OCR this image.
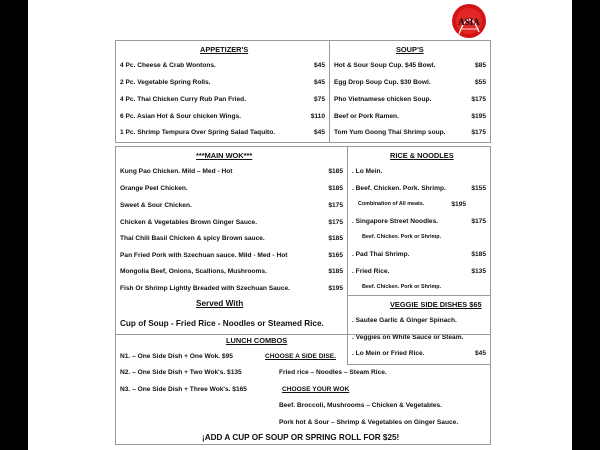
ASIA
APPETIZER'S
4 Pc. Cheese & Crab Wontons.	$45
2 Pc. Vegetable Spring Rolls.	$45
4 Pc. Thai Chicken Curry Rub Pan Fried.	$75
6 Pc. Asian Hot & Sour chicken Wings.	$110
1 Pc. Shrimp Tempura Over Spring Salad Taquito.	$45
SOUP'S
Hot & Sour Soup Cup. $45 Bowl.	$85
Egg Drop Soup Cup. $30 Bowl.	$55
Pho Vietnamese chicken Soup.	$175
Beef or Pork Ramen.	$195
Tom Yum Goong Thai Shrimp soup.	$175
***MAIN WOK***
Kung Pao Chicken. Mild – Med - Hot	$185
Orange Peel Chicken.	$185
Sweet & Sour Chicken.	$175
Chicken & Vegetables Brown Ginger Sauce.	$175
Thai Chili Basil Chicken & spicy Brown sauce.	$185
Pan Fried Pork with Szechuan sauce. Mild - Med - Hot	$165
Mongolia Beef, Onions, Scallions, Mushrooms.	$185
Fish Or Shrimp Lightly Breaded with Szechuan Sauce.	$195
Served With
Cup of Soup - Fried Rice - Noodles or Steamed Rice.
RICE & NOODLES
. Lo Mein.
. Beef. Chicken. Pork. Shrimp.	$155
Combination of All meats.	$195
. Singapore Street Noodles.	$175
Beef. Chicken. Pork or Shrimp.
. Pad Thai Shrimp.	$185
. Fried Rice.	$135
Beef. Chicken. Pork or Shrimp.
VEGGIE SIDE DISHES $65
. Sautee Garlic & Ginger Spinach.
. Veggies on White Sauce or Steam.
. Lo Mein or Fried Rice.	$45
LUNCH COMBOS
N1. – One Side Dish + One Wok. $95	CHOOSE A SIDE DISE.
N2. – One Side Dish + Two Wok's. $135	Fried rice – Noodles – Steam Rice.
N3. – One Side Dish + Three Wok's. $165	CHOOSE YOUR WOK
Beef. Broccoli, Mushrooms – Chicken & Vegetables.
Pork hot & Sour – Shrimp & Vegetables on Ginger Sauce.
¡ADD A CUP OF SOUP OR SPRING ROLL FOR $25!
